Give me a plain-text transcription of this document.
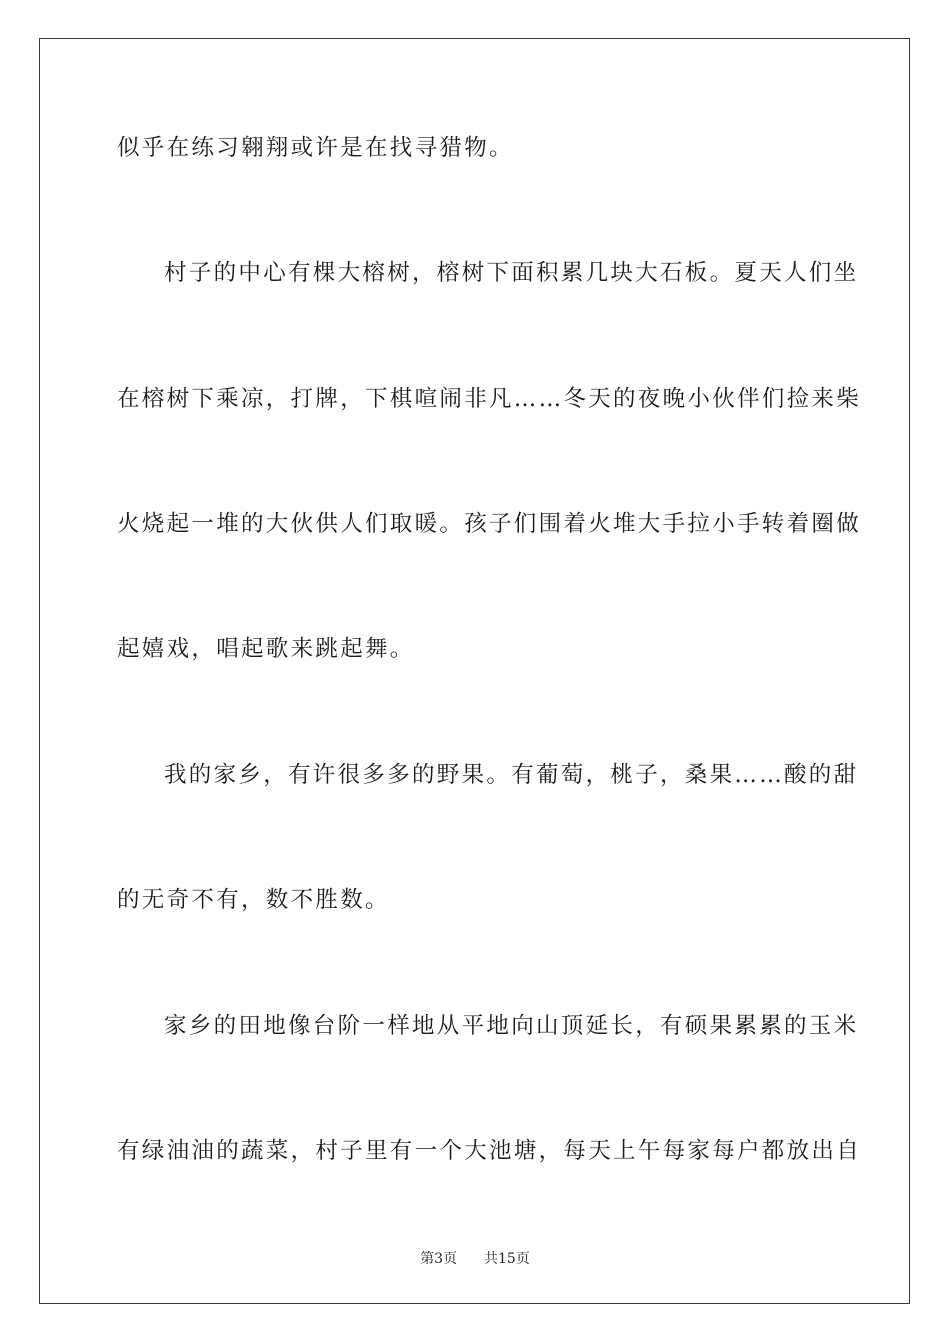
似乎在练习翱翔或许是在找寻猎物。
村子的中心有棵大榕树，榕树下面积累几块大石板。夏天人们坐
在榕树下乘凉，打牌，下棋喧闹非凡……冬天的夜晚小伙伴们捡来柴
火烧起一堆的大伙供人们取暖。孩子们围着火堆大手拉小手转着圈做
起嬉戏，唱起歌来跳起舞。
我的家乡，有许很多多的野果。有葡萄，桃子，桑果……酸的甜
的无奇不有，数不胜数。
家乡的田地像台阶一样地从平地向山顶延长，有硕果累累的玉米
有绿油油的蔬菜，村子里有一个大池塘，每天上午每家每户都放出自
第3页 共15页
